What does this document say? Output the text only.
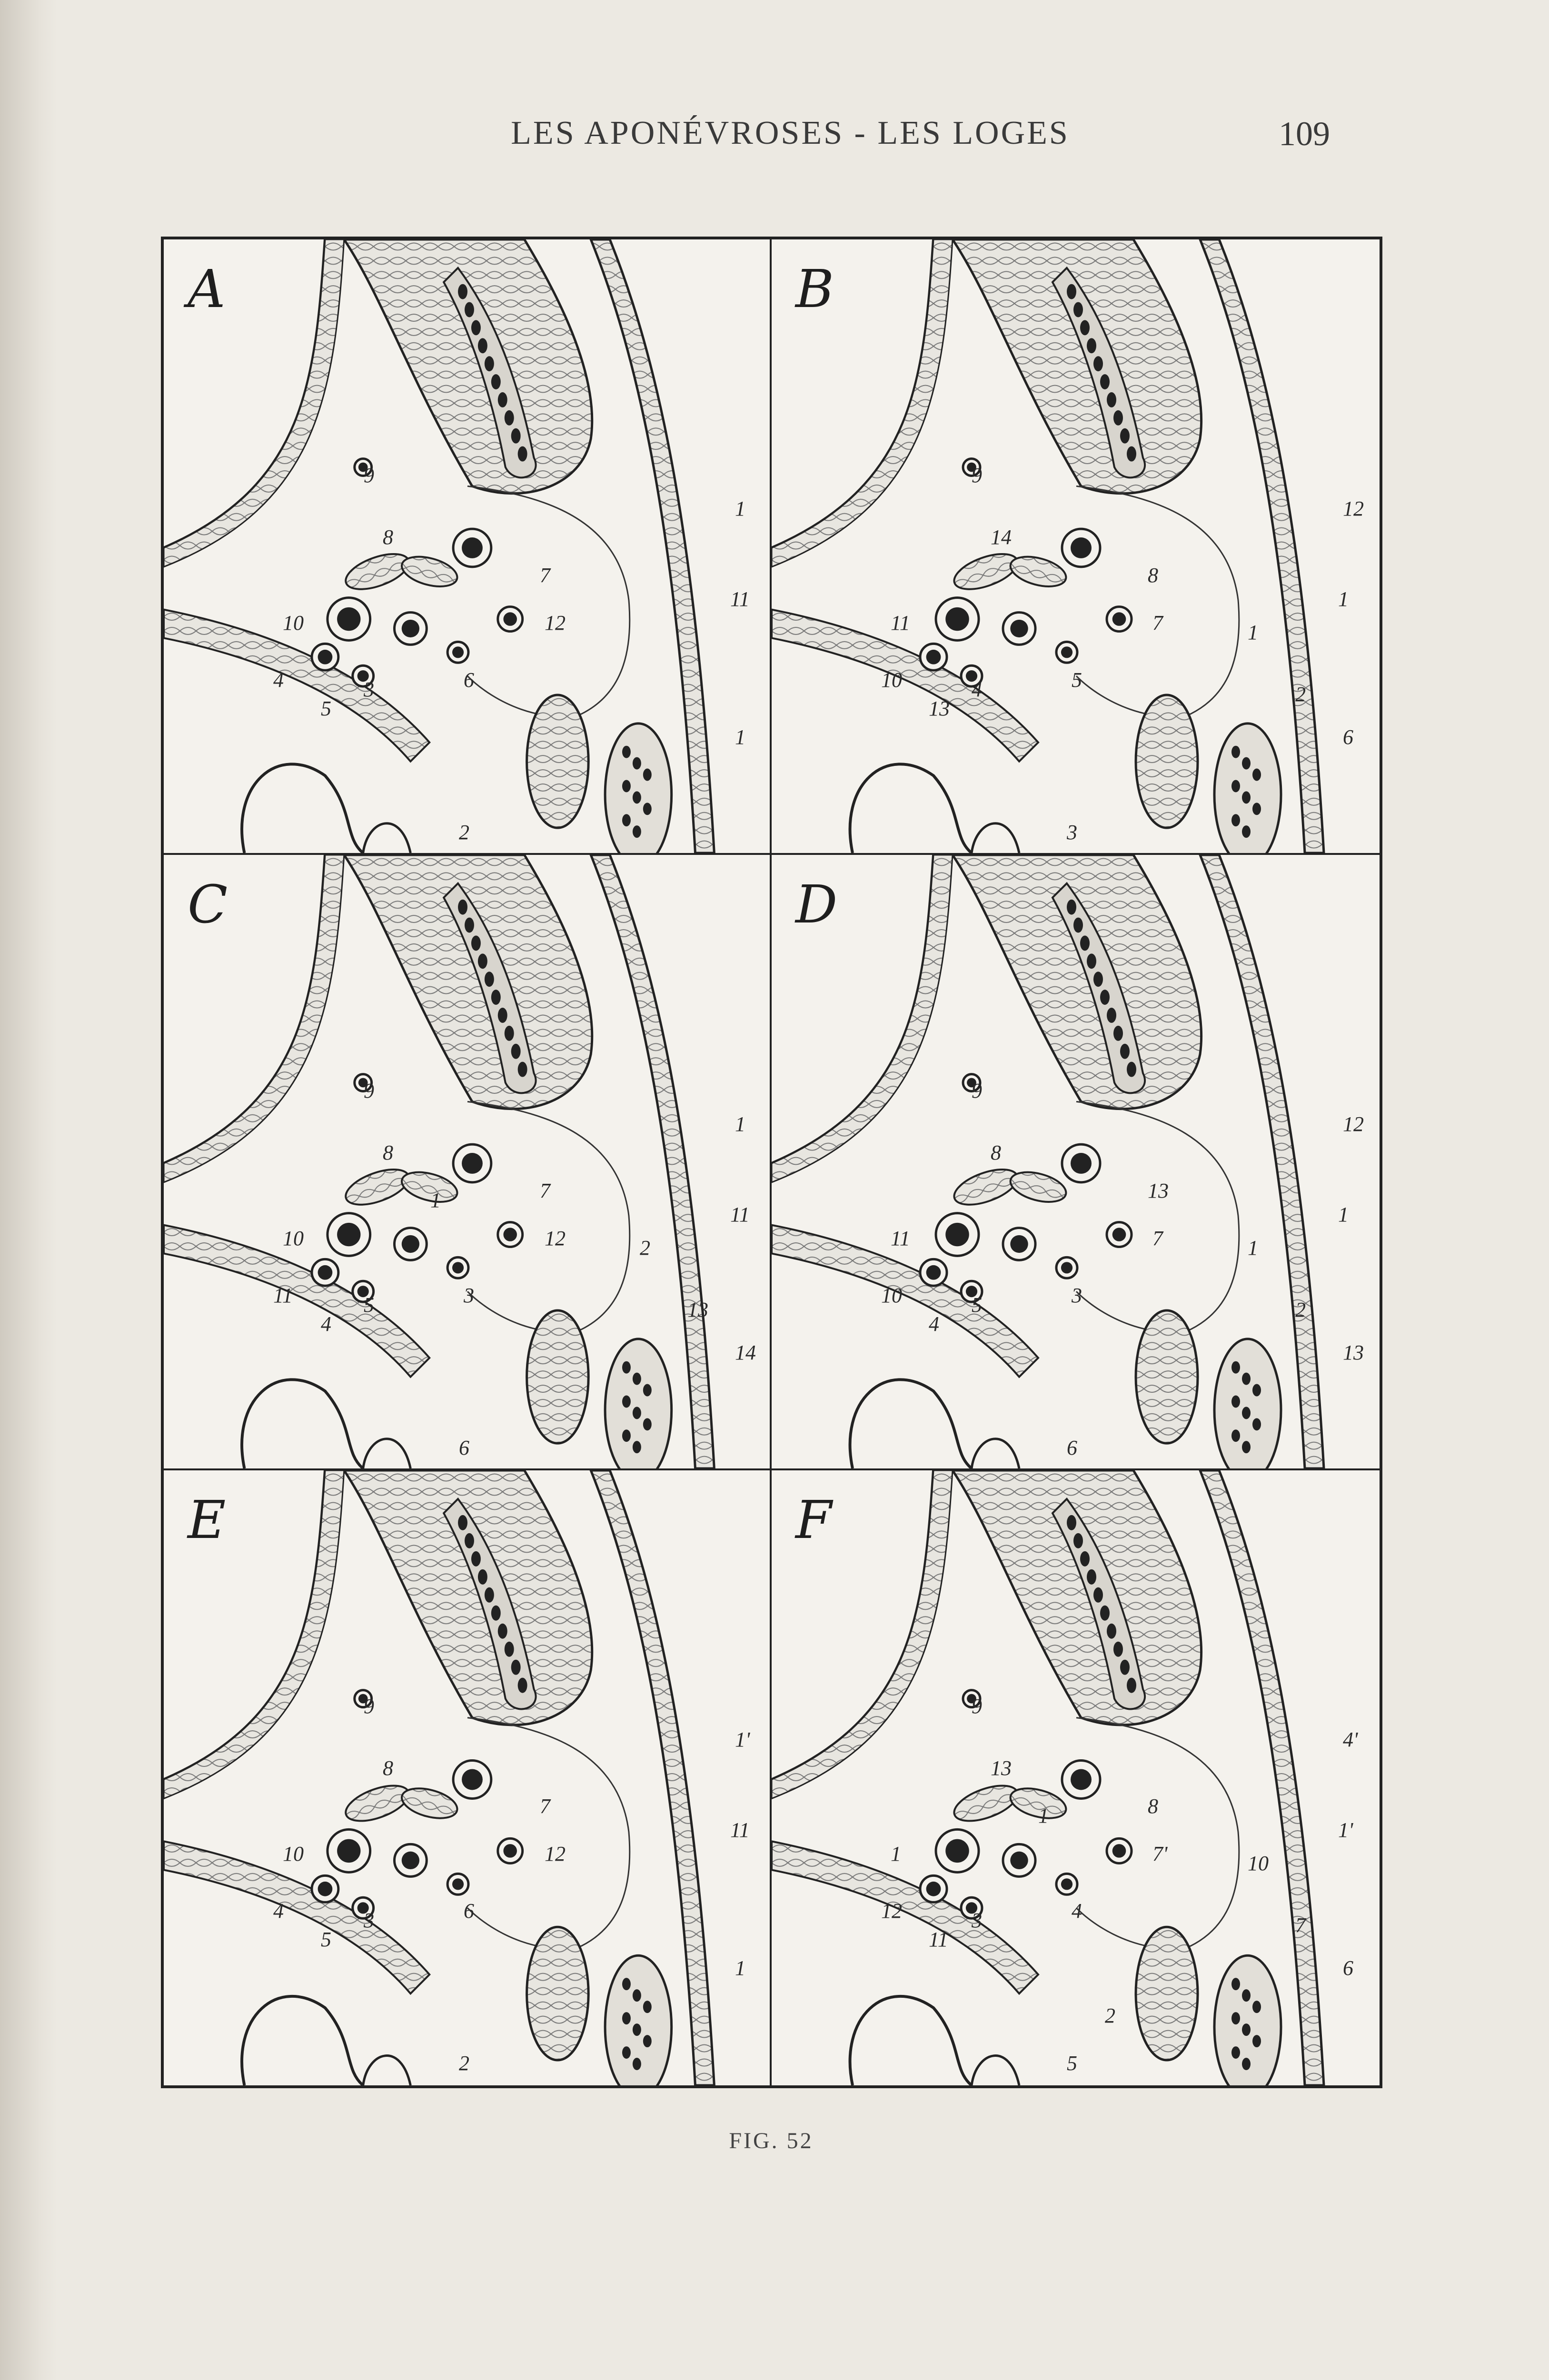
LES APONÉVROSES - LES LOGES	109
A
9
8
7
12
1
11
10
4
5
3	6
2
1
B
9
14
8
7
12
1
11
10
13
4	5
3
6
2
1
C
9
8
7
12
1
11
10
11
4
5	3
6
14
13
2
1
D
9
8
13
7
12
1
11
10
4
5	3
6
13
2
1
E
9
8
7
12
1'
11
10
4
5
3	6
2
1
F
9
13
8
7'
4'
1'
1
12
11
3	4
5
6
7
10
1
2
FIG. 52
